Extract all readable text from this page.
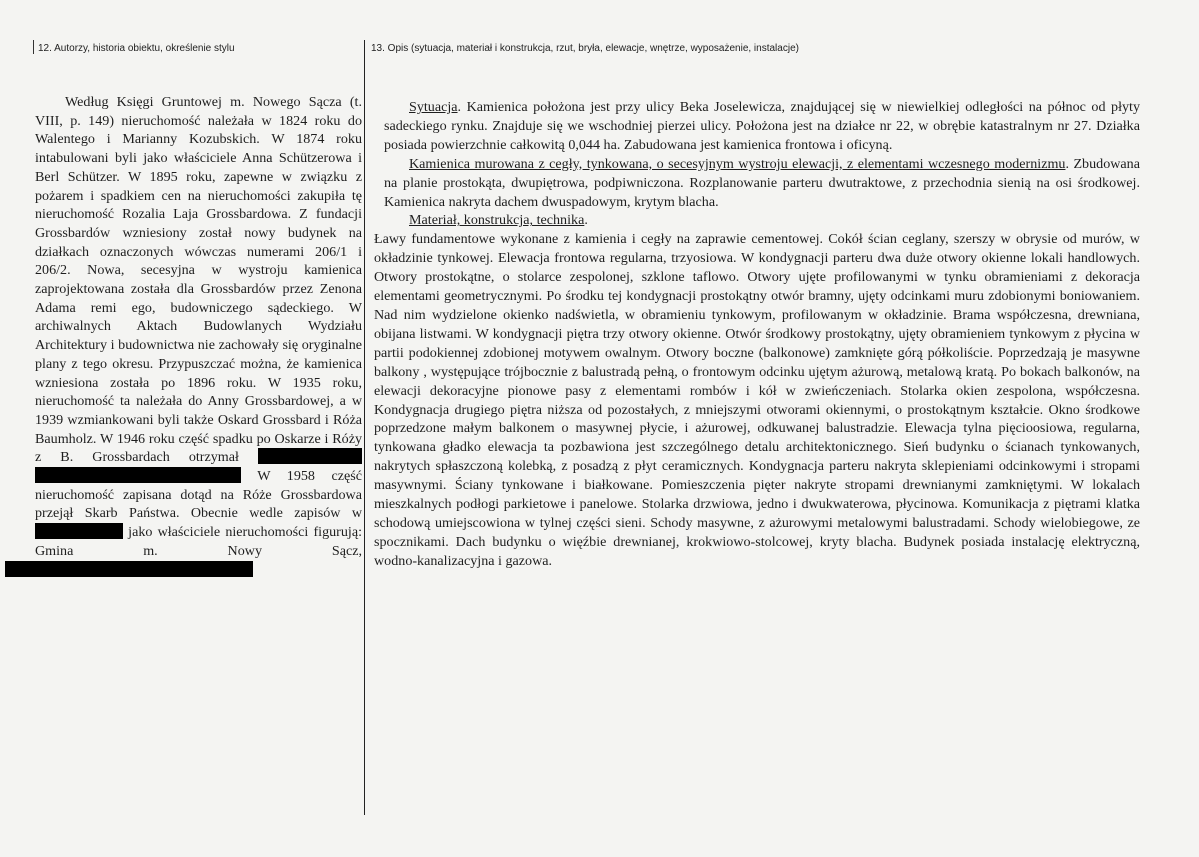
12. Autorzy, historia obiektu, określenie stylu	13. Opis (sytuacja, materiał i konstrukcja, rzut, bryła, elewacje, wnętrze, wyposażenie, instalacje)

Według Księgi Gruntowej m. Nowego Sącza (t. VIII, p. 149) nieruchomość należała w 1824 roku do Walentego i Marianny Kozubskich. W 1874 roku intabulowani byli jako właściciele Anna Schützerowa i Berl Schützer. W 1895 roku, zapewne w związku z pożarem i spadkiem cen na nieruchomości zakupiła tę nieruchomość Rozalia Laja Grossbardowa. Z fundacji Grossbardów wzniesiony został nowy budynek na działkach oznaczonych wówczas numerami 206/1 i 206/2. Nowa, secesyjna w wystroju kamienica zaprojektowana została dla Grossbardów przez Zenona Adama remi ego, budowniczego sądeckiego. W archiwalnych Aktach Budowlanych Wydziału Architektury i budownictwa nie zachowały się oryginalne plany z tego okresu. Przypuszczać można, że kamienica wzniesiona została po 1896 roku. W 1935 roku, nieruchomość ta należała do Anny Grossbardowej, a w 1939 wzmiankowani byli także Oskard Grossbard i Róża Baumholz. W 1946 roku część spadku po Oskarze i Róży z B. Grossbardach otrzymał   W 1958 część nieruchomość zapisana dotąd na Róże Grossbardowa przejął Skarb Państwa. Obecnie wedle zapisów w  jako właściciele nieruchomości figurują: Gmina m. Nowy Sącz,

Sytuacja. Kamienica położona jest przy ulicy Beka Joselewicza, znajdującej się w niewielkiej odległości na północ od płyty sadeckiego rynku. Znajduje się we wschodniej pierzei ulicy. Położona jest na działce nr 22, w obrębie katastralnym nr 27. Działka posiada powierzchnie całkowitą 0,044 ha. Zabudowana jest kamienica frontowa i oficyną.

Kamienica murowana z cegły, tynkowana, o secesyjnym wystroju elewacji, z elementami wczesnego modernizmu. Zbudowana na planie prostokąta, dwupiętrowa, podpiwniczona. Rozplanowanie parteru dwutraktowe, z przechodnia sienią na osi środkowej. Kamienica nakryta dachem dwuspadowym, krytym blacha.

Materiał, konstrukcja, technika.

Ławy fundamentowe wykonane z kamienia i cegły na zaprawie cementowej. Cokół ścian ceglany, szerszy w obrysie od murów, w okładzinie tynkowej. Elewacja frontowa regularna, trzyosiowa. W kondygnacji parteru dwa duże otwory okienne lokali handlowych. Otwory prostokątne, o stolarce zespolonej, szklone taflowo. Otwory ujęte profilowanymi w tynku obramieniami z dekoracja elementami geometrycznymi. Po środku tej kondygnacji prostokątny otwór bramny, ujęty odcinkami muru zdobionymi boniowaniem. Nad nim wydzielone okienko nadświetla, w obramieniu tynkowym, profilowanym w okładzinie. Brama współczesna, drewniana, obijana listwami. W kondygnacji piętra trzy otwory okienne. Otwór środkowy prostokątny, ujęty obramieniem tynkowym z płycina w partii podokiennej zdobionej motywem owalnym. Otwory boczne (balkonowe) zamknięte górą półkoliście. Poprzedzają je masywne balkony , występujące trójbocznie z balustradą pełną, o frontowym odcinku ujętym ażurową, metalową kratą. Po bokach balkonów, na elewacji dekoracyjne pionowe pasy z elementami rombów i kół w zwieńczeniach. Stolarka okien zespolona, współczesna. Kondygnacja drugiego piętra niższa od pozostałych, z mniejszymi otworami okiennymi, o prostokątnym kształcie. Okno środkowe poprzedzone małym balkonem o masywnej płycie, i ażurowej, odkuwanej balustradzie. Elewacja tylna pięcioosiowa, regularna, tynkowana gładko elewacja ta pozbawiona jest szczególnego detalu architektonicznego. Sień budynku o ścianach tynkowanych, nakrytych spłaszczoną kolebką, z posadzą z płyt ceramicznych. Kondygnacja parteru nakryta sklepieniami odcinkowymi i stropami masywnymi. Ściany tynkowane i białkowane. Pomieszczenia pięter nakryte stropami drewnianymi zamkniętymi. W lokalach mieszkalnych podłogi parkietowe i panelowe. Stolarka drzwiowa, jedno i dwukwaterowa, płycinowa. Komunikacja z piętrami klatka schodową umiejscowiona w tylnej części sieni. Schody masywne, z ażurowymi metalowymi balustradami. Schody wielobiegowe, ze spocznikami. Dach budynku o więźbie drewnianej, krokwiowo-stolcowej, kryty blacha. Budynek posiada instalację elektryczną, wodno-kanalizacyjna i gazowa.
